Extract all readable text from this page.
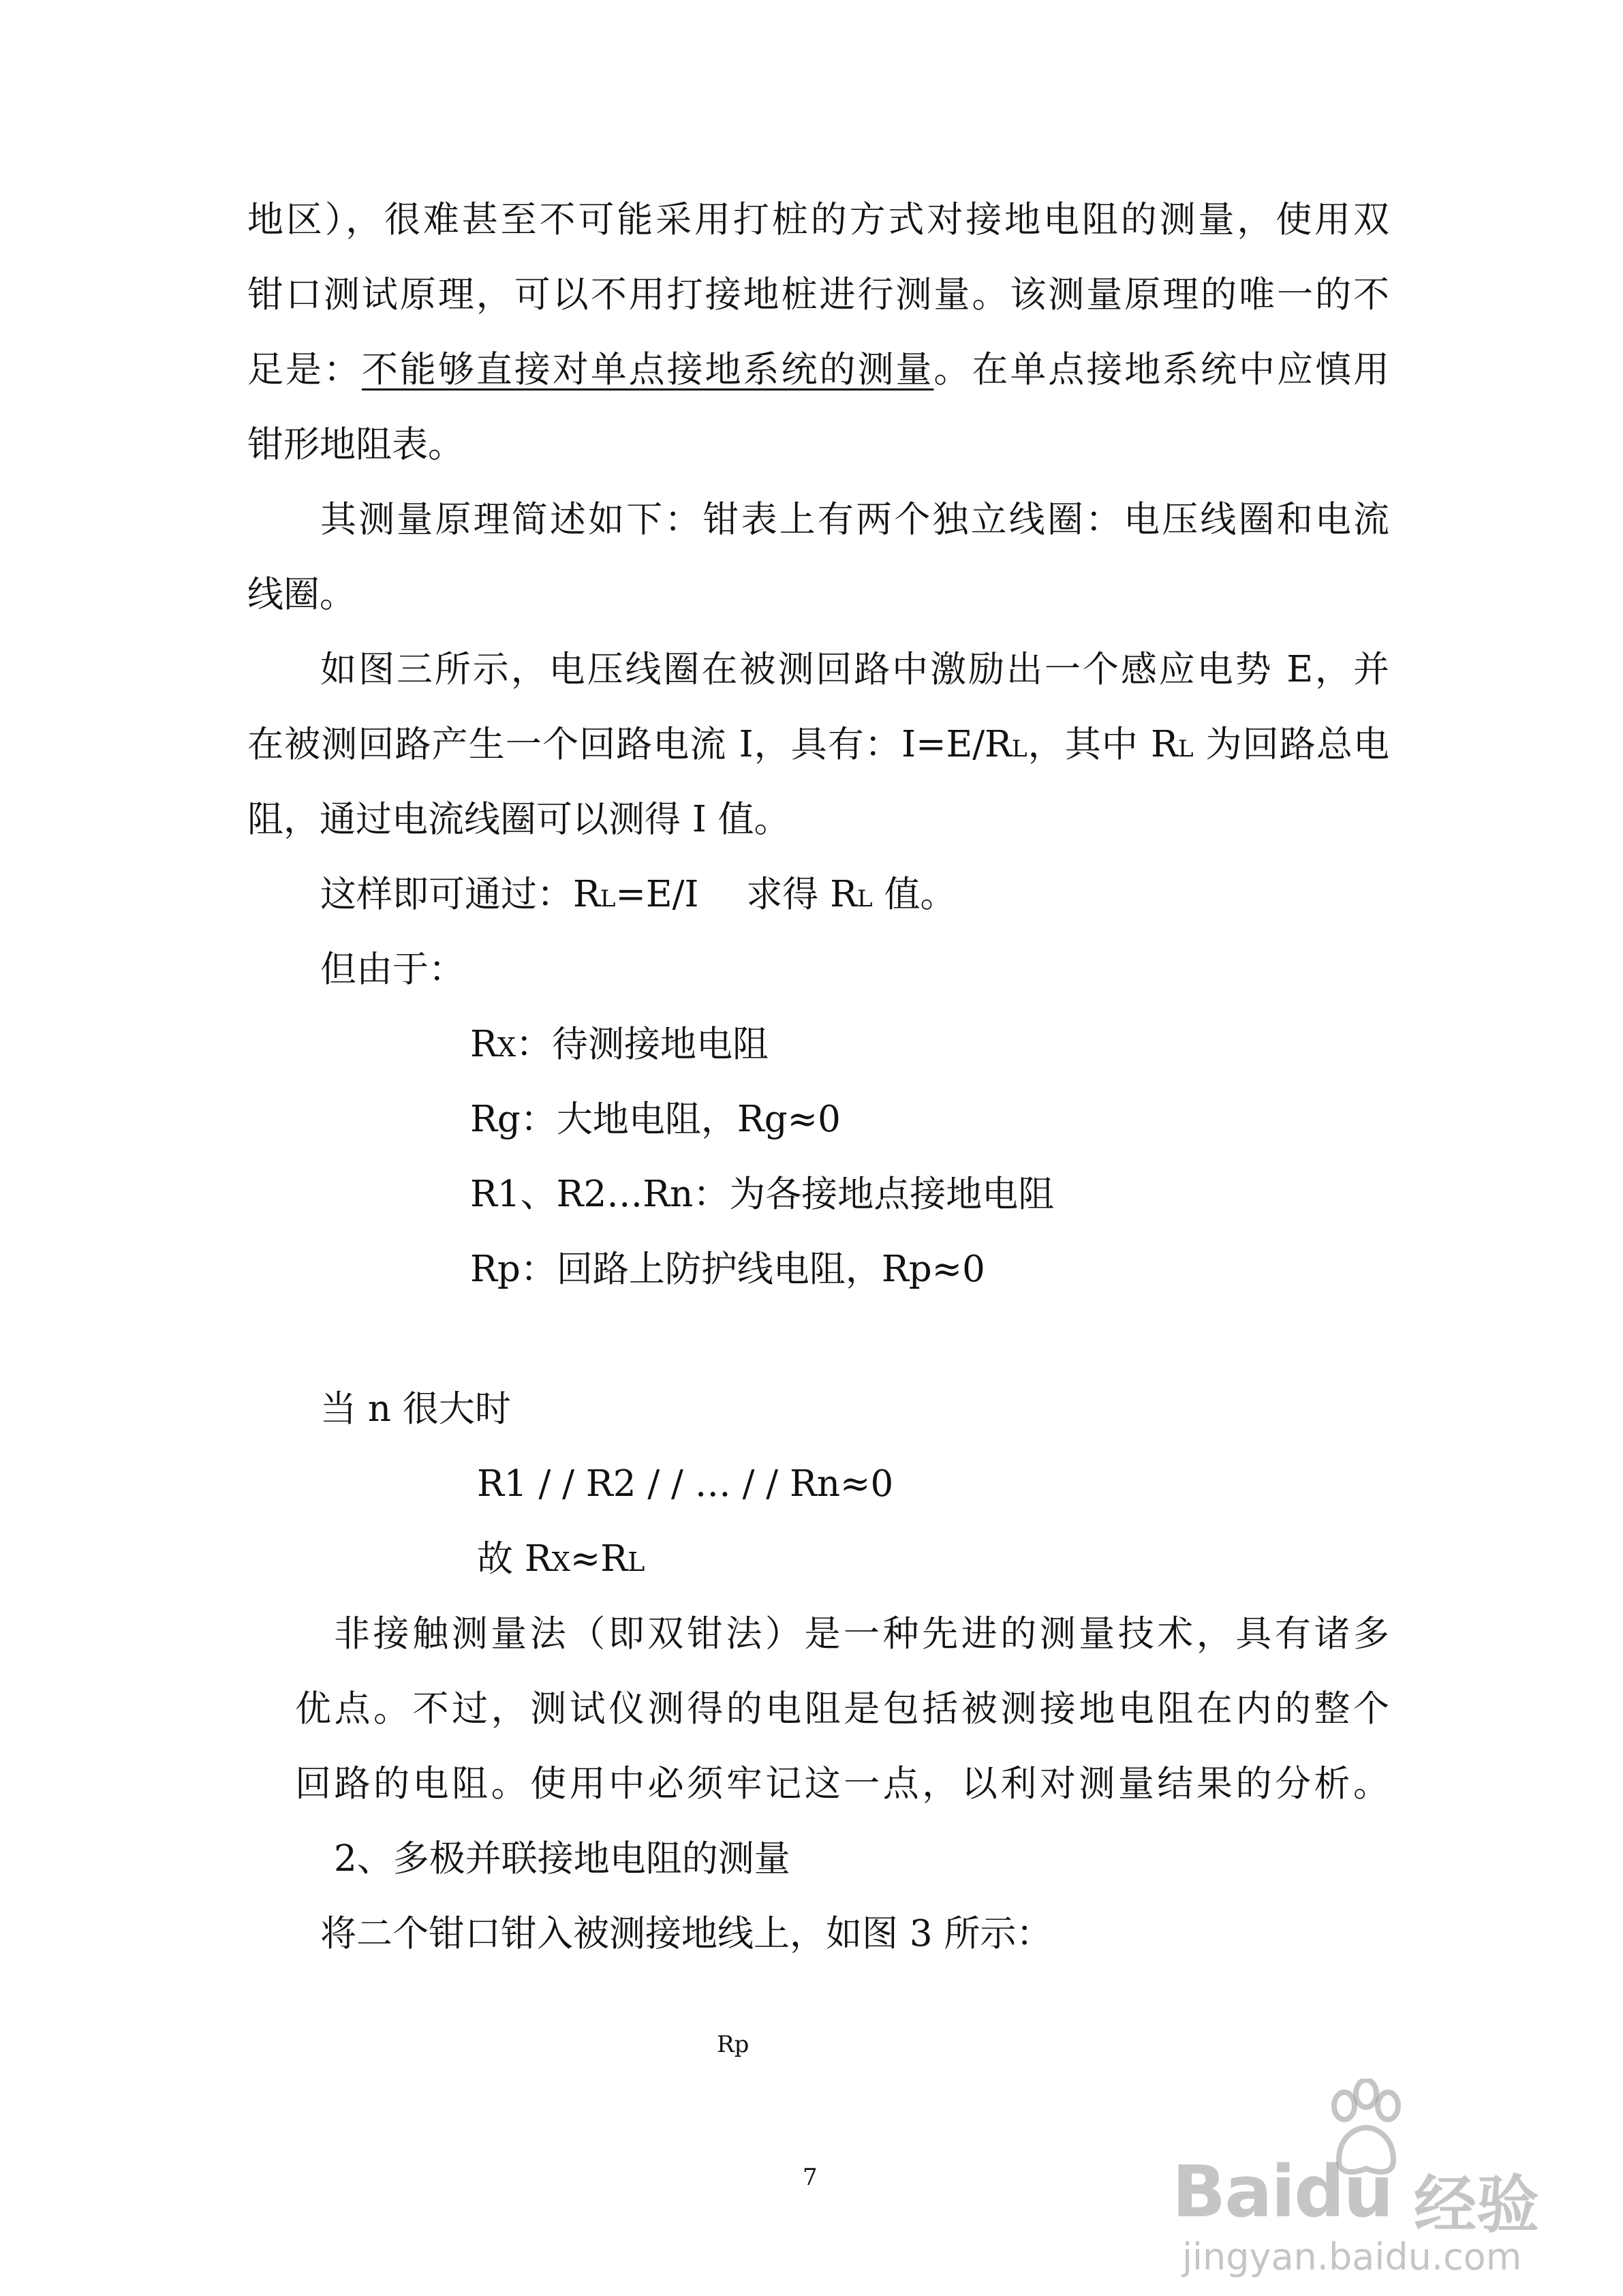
地区），很难甚至不可能采用打桩的方式对接地电阻的测量，使用双
钳口测试原理，可以不用打接地桩进行测量。该测量原理的唯一的不
足是：不能够直接对单点接地系统的测量。在单点接地系统中应慎用
钳形地阻表。
其测量原理简述如下：钳表上有两个独立线圈：电压线圈和电流
线圈。
如图三所示，电压线圈在被测回路中激励出一个感应电势 E，并
在被测回路产生一个回路电流 I，具有：I=E/RL，其中 RL 为回路总电
阻，通过电流线圈可以测得 I 值。
这样即可通过：RL=E/I　 求得 RL 值。
但由于：
RX：待测接地电阻
Rg：大地电阻，Rg≈0
R1、R2…Rn：为各接地点接地电阻
Rp：回路上防护线电阻，Rp≈0
当 n 很大时
R1 / / R2 / / … / / Rn≈0
故 RX≈RL
非接触测量法（即双钳法）是一种先进的测量技术，具有诸多
优点。不过，测试仪测得的电阻是包括被测接地电阻在内的整个
回路的电阻。使用中必须牢记这一点，以利对测量结果的分析。
2、多极并联接地电阻的测量
将二个钳口钳入被测接地线上，如图 3 所示：
Rp
7	Baidu 经验
jingyan.baidu.com
